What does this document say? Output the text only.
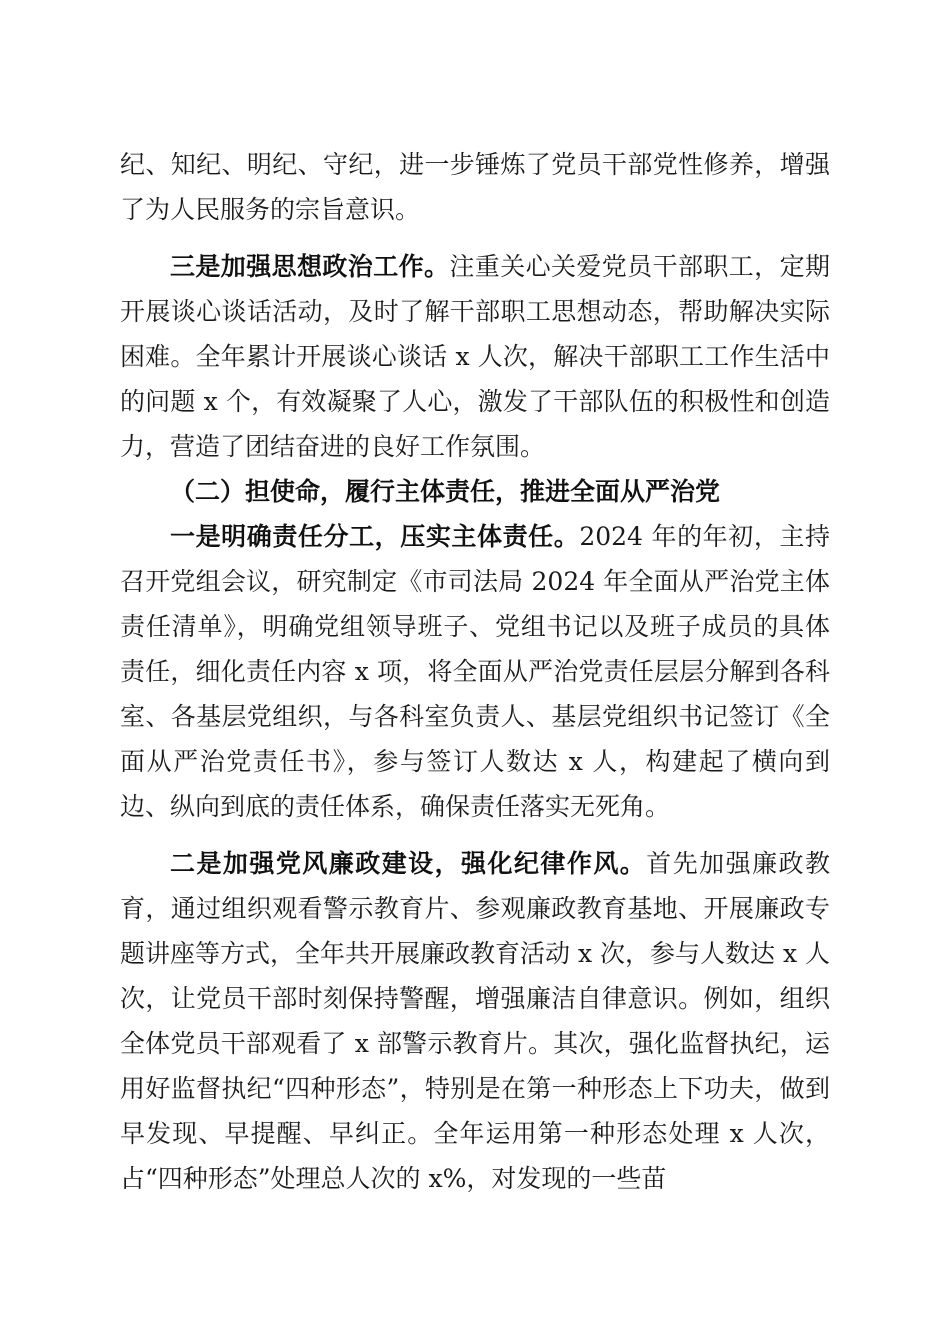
纪、知纪、明纪、守纪，进一步锤炼了党员干部党性修养，增强了为人民服务的宗旨意识。

三是加强思想政治工作。注重关心关爱党员干部职工，定期开展谈心谈话活动，及时了解干部职工思想动态，帮助解决实际困难。全年累计开展谈心谈话 x 人次，解决干部职工工作生活中的问题 x 个，有效凝聚了人心，激发了干部队伍的积极性和创造力，营造了团结奋进的良好工作氛围。

（二）担使命，履行主体责任，推进全面从严治党

一是明确责任分工，压实主体责任。2024 年的年初，主持召开党组会议，研究制定《市司法局 2024 年全面从严治党主体责任清单》，明确党组领导班子、党组书记以及班子成员的具体责任，细化责任内容 x 项，将全面从严治党责任层层分解到各科室、各基层党组织，与各科室负责人、基层党组织书记签订《全面从严治党责任书》，参与签订人数达 x 人，构建起了横向到边、纵向到底的责任体系，确保责任落实无死角。

二是加强党风廉政建设，强化纪律作风。首先加强廉政教育，通过组织观看警示教育片、参观廉政教育基地、开展廉政专题讲座等方式，全年共开展廉政教育活动 x 次，参与人数达 x 人次，让党员干部时刻保持警醒，增强廉洁自律意识。例如，组织全体党员干部观看了 x 部警示教育片。其次，强化监督执纪，运用好监督执纪“四种形态”，特别是在第一种形态上下功夫，做到早发现、早提醒、早纠正。全年运用第一种形态处理 x 人次，占“四种形态”处理总人次的 x%，对发现的一些苗
